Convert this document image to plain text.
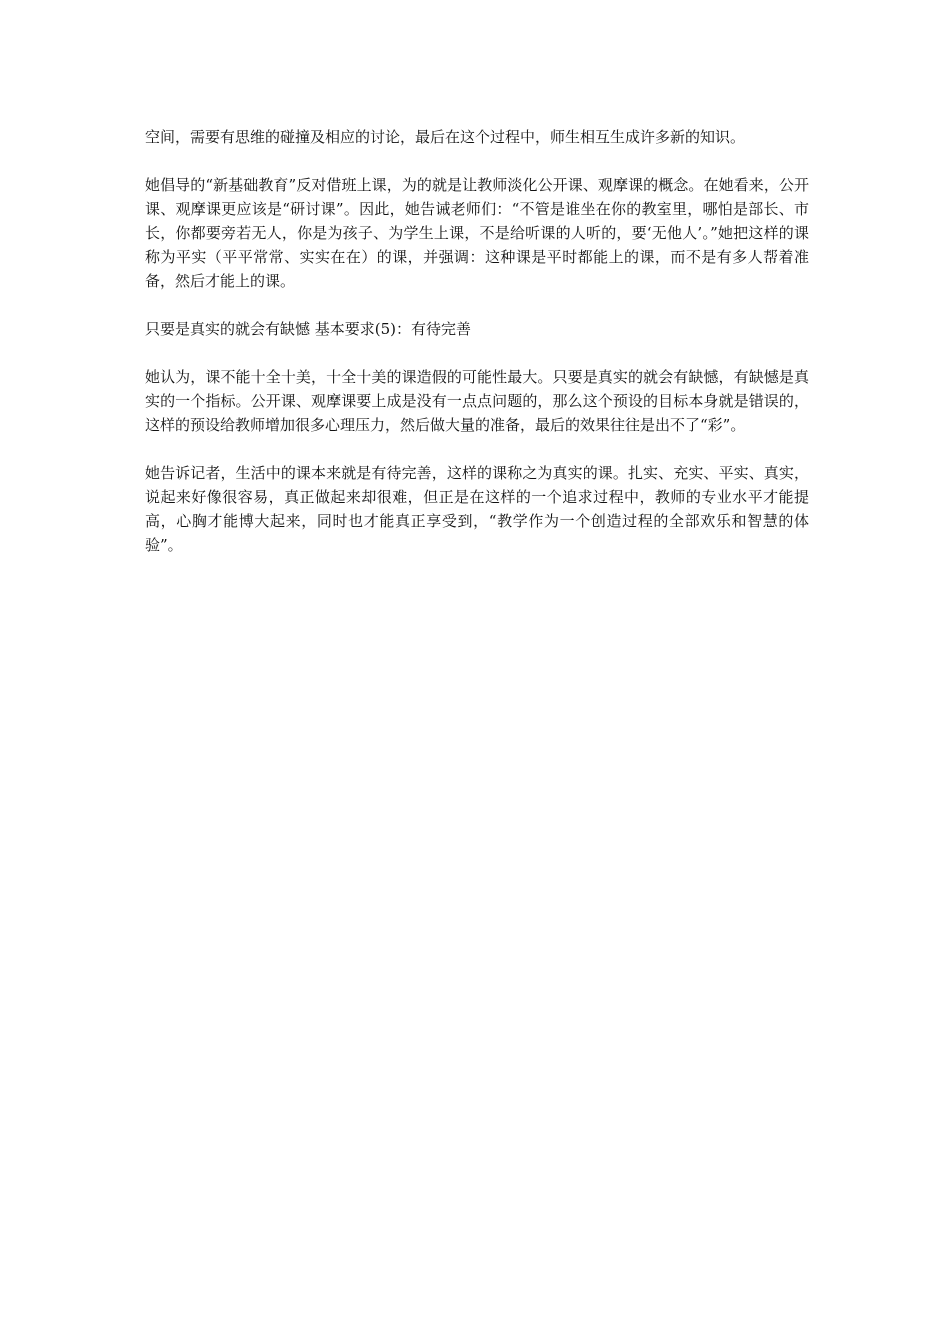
空间，需要有思维的碰撞及相应的讨论，最后在这个过程中，师生相互生成许多新的知识。

她倡导的“新基础教育”反对借班上课，为的就是让教师淡化公开课、观摩课的概念。在她看来，公开课、观摩课更应该是“研讨课”。因此，她告诫老师们：“不管是谁坐在你的教室里，哪怕是部长、市长，你都要旁若无人，你是为孩子、为学生上课，不是给听课的人听的，要‘无他人’。”她把这样的课称为平实（平平常常、实实在在）的课，并强调：这种课是平时都能上的课，而不是有多人帮着准备，然后才能上的课。

只要是真实的就会有缺憾 基本要求(5)：有待完善

她认为，课不能十全十美，十全十美的课造假的可能性最大。只要是真实的就会有缺憾，有缺憾是真实的一个指标。公开课、观摩课要上成是没有一点点问题的，那么这个预设的目标本身就是错误的，这样的预设给教师增加很多心理压力，然后做大量的准备，最后的效果往往是出不了“彩”。

她告诉记者，生活中的课本来就是有待完善，这样的课称之为真实的课。扎实、充实、平实、真实，说起来好像很容易，真正做起来却很难，但正是在这样的一个追求过程中，教师的专业水平才能提高，心胸才能博大起来，同时也才能真正享受到，“教学作为一个创造过程的全部欢乐和智慧的体验”。
